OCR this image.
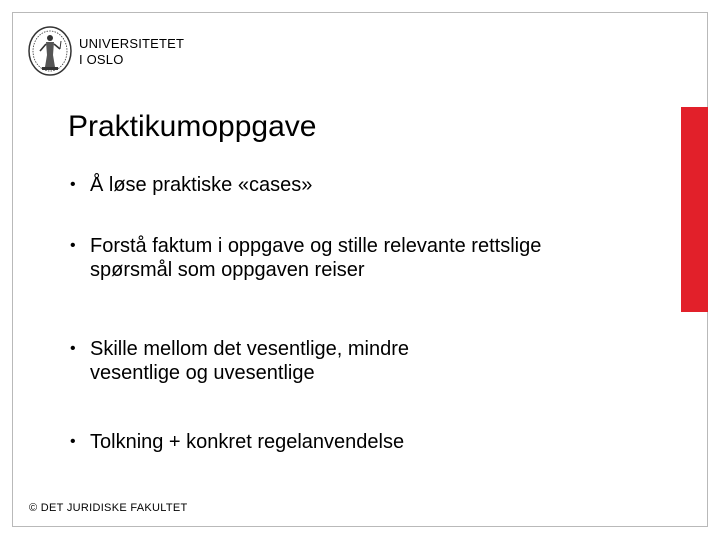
UNIVERSITETET
I OSLO
Praktikumoppgave
• Å løse praktiske «cases»
• Forstå faktum i oppgave og stille relevante rettslige spørsmål som oppgaven reiser
• Skille mellom det vesentlige, mindre vesentlige og uvesentlige
• Tolkning + konkret regelanvendelse
© DET JURIDISKE FAKULTET
